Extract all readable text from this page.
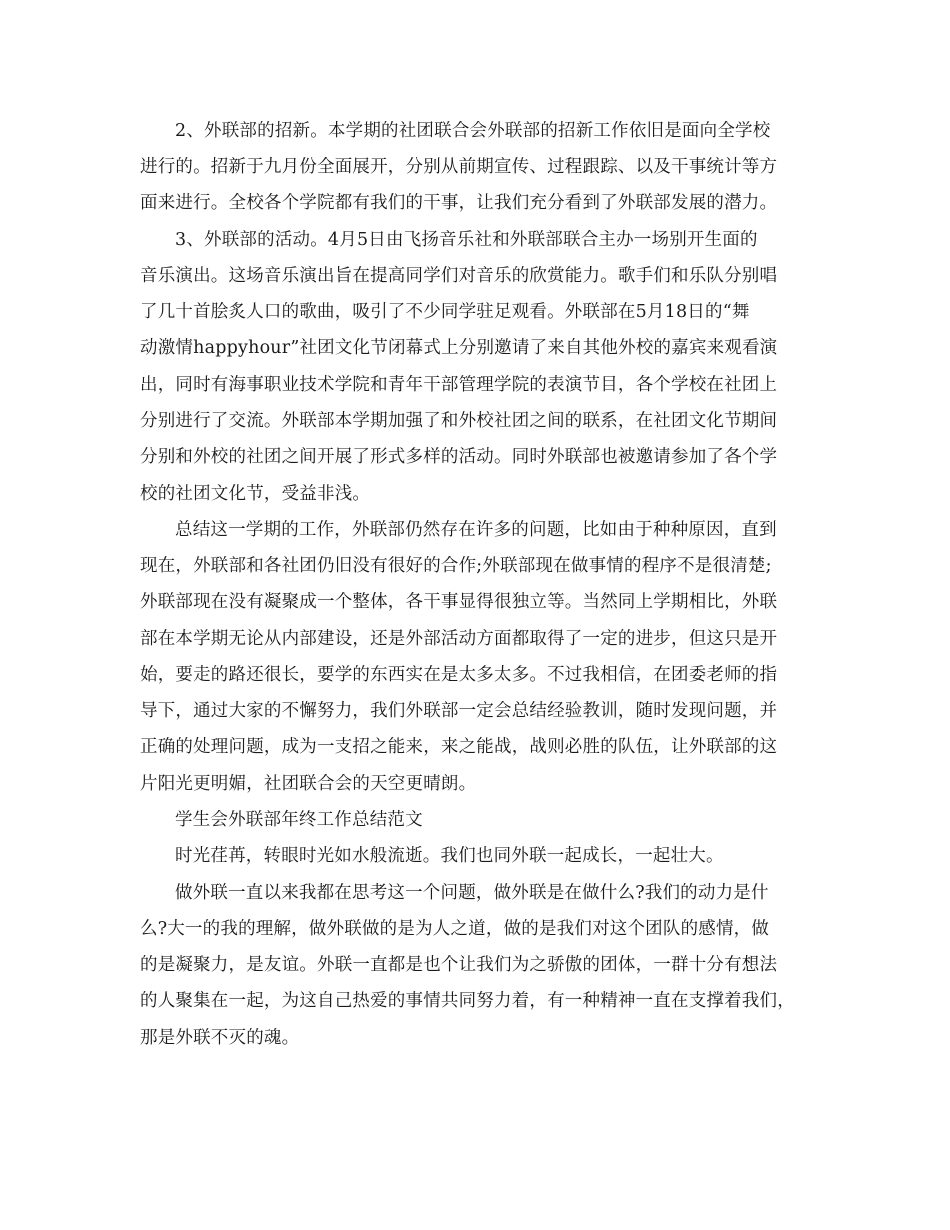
2、外联部的招新。本学期的社团联合会外联部的招新工作依旧是面向全学校

进行的。招新于九月份全面展开，分别从前期宣传、过程跟踪、以及干事统计等方

面来进行。全校各个学院都有我们的干事，让我们充分看到了外联部发展的潜力。

3、外联部的活动。4月5日由飞扬音乐社和外联部联合主办一场别开生面的

音乐演出。这场音乐演出旨在提高同学们对音乐的欣赏能力。歌手们和乐队分别唱

了几十首脍炙人口的歌曲，吸引了不少同学驻足观看。外联部在5月18日的“舞

动激情happyhour”社团文化节闭幕式上分别邀请了来自其他外校的嘉宾来观看演

出，同时有海事职业技术学院和青年干部管理学院的表演节目，各个学校在社团上

分别进行了交流。外联部本学期加强了和外校社团之间的联系，在社团文化节期间

分别和外校的社团之间开展了形式多样的活动。同时外联部也被邀请参加了各个学

校的社团文化节，受益非浅。

总结这一学期的工作，外联部仍然存在许多的问题，比如由于种种原因，直到

现在，外联部和各社团仍旧没有很好的合作;外联部现在做事情的程序不是很清楚;

外联部现在没有凝聚成一个整体，各干事显得很独立等。当然同上学期相比，外联

部在本学期无论从内部建设，还是外部活动方面都取得了一定的进步，但这只是开

始，要走的路还很长，要学的东西实在是太多太多。不过我相信，在团委老师的指

导下，通过大家的不懈努力，我们外联部一定会总结经验教训，随时发现问题，并

正确的处理问题，成为一支招之能来，来之能战，战则必胜的队伍，让外联部的这

片阳光更明媚，社团联合会的天空更晴朗。

学生会外联部年终工作总结范文

时光荏苒，转眼时光如水般流逝。我们也同外联一起成长，一起壮大。

做外联一直以来我都在思考这一个问题，做外联是在做什么?我们的动力是什

么?大一的我的理解，做外联做的是为人之道，做的是我们对这个团队的感情，做

的是凝聚力，是友谊。外联一直都是也个让我们为之骄傲的团体，一群十分有想法

的人聚集在一起，为这自己热爱的事情共同努力着，有一种精神一直在支撑着我们，

那是外联不灭的魂。
